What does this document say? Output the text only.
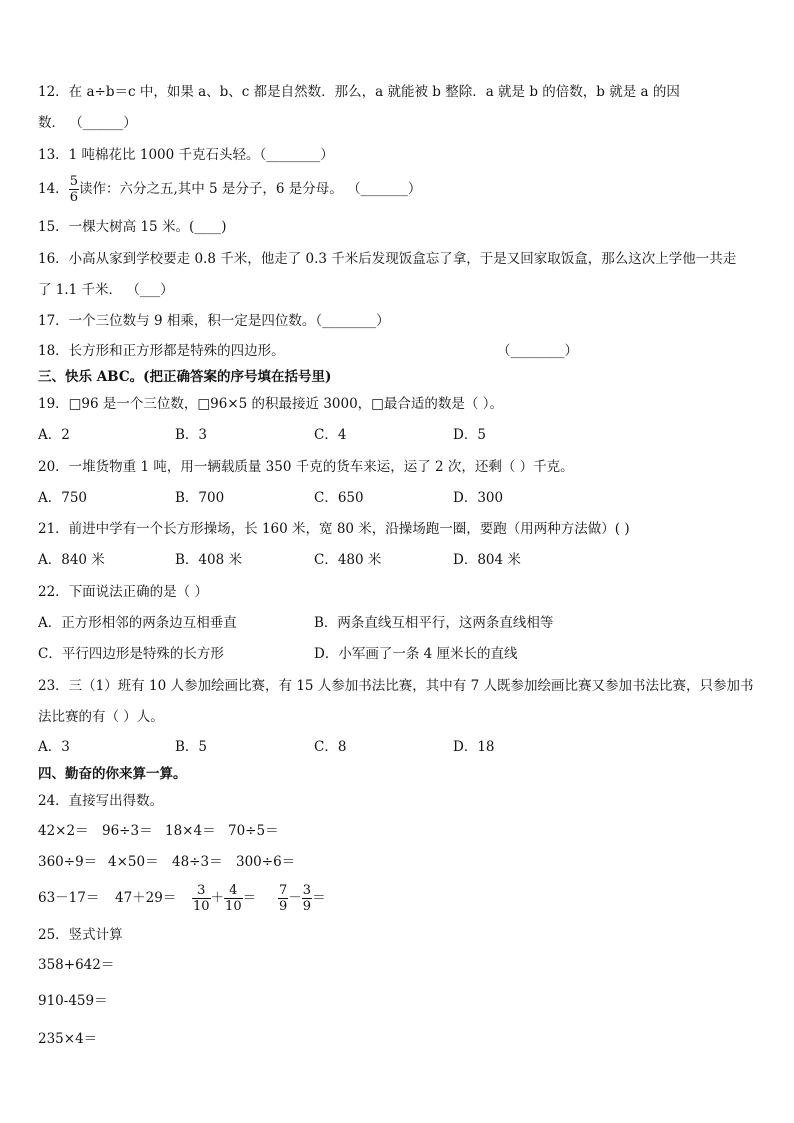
12．在 a÷b＝c 中，如果 a、b、c 都是自然数．那么，a 就能被 b 整除．a 就是 b 的倍数，b 就是 a 的因
数． （______）
13．1 吨棉花比 1000 千克石头轻。（________）
14． $\frac{5}{6}$ 读作：六分之五,其中 5 是分子，6 是分母。 （_______）
15．一棵大树高 15 米。(____)
16．小高从家到学校要走 0.8 千米，他走了 0.3 千米后发现饭盒忘了拿，于是又回家取饭盒，那么这次上学他一共走
了 1.1 千米． （___）
17．一个三位数与 9 相乘，积一定是四位数。（________）
18．长方形和正方形都是特殊的四边形。	（________）
三、快乐 ABC。(把正确答案的序号填在括号里)
19．□96 是一个三位数，□96×5 的积最接近 3000，□最合适的数是（ ）。
A．2	B．3	C．4	D．5
20．一堆货物重 1 吨，用一辆载质量 350 千克的货车来运，运了 2 次，还剩（ ）千克。
A．750	B．700	C．650	D．300
21．前进中学有一个长方形操场，长 160 米，宽 80 米，沿操场跑一圈，要跑（用两种方法做）( )
A．840 米	B．408 米	C．480 米	D．804 米
22．下面说法正确的是（ ）
A．正方形相邻的两条边互相垂直	B．两条直线互相平行，这两条直线相等
C．平行四边形是特殊的长方形	D．小军画了一条 4 厘米长的直线
23．三（1）班有 10 人参加绘画比赛，有 15 人参加书法比赛，其中有 7 人既参加绘画比赛又参加书法比赛，只参加书
法比赛的有（ ）人。
A．3	B．5	C．8	D．18
四、勤奋的你来算一算。
24．直接写出得数。
42×2＝ 96÷3＝ 18×4＝ 70÷5＝
360÷9＝ 4×50＝ 48÷3＝ 300÷6＝
$63-17= 47+29= \frac{3}{10} + \frac{4}{10} = \frac{7}{9} - \frac{3}{9}$ ＝
25．竖式计算
358+642＝
910-459＝
235×4＝
